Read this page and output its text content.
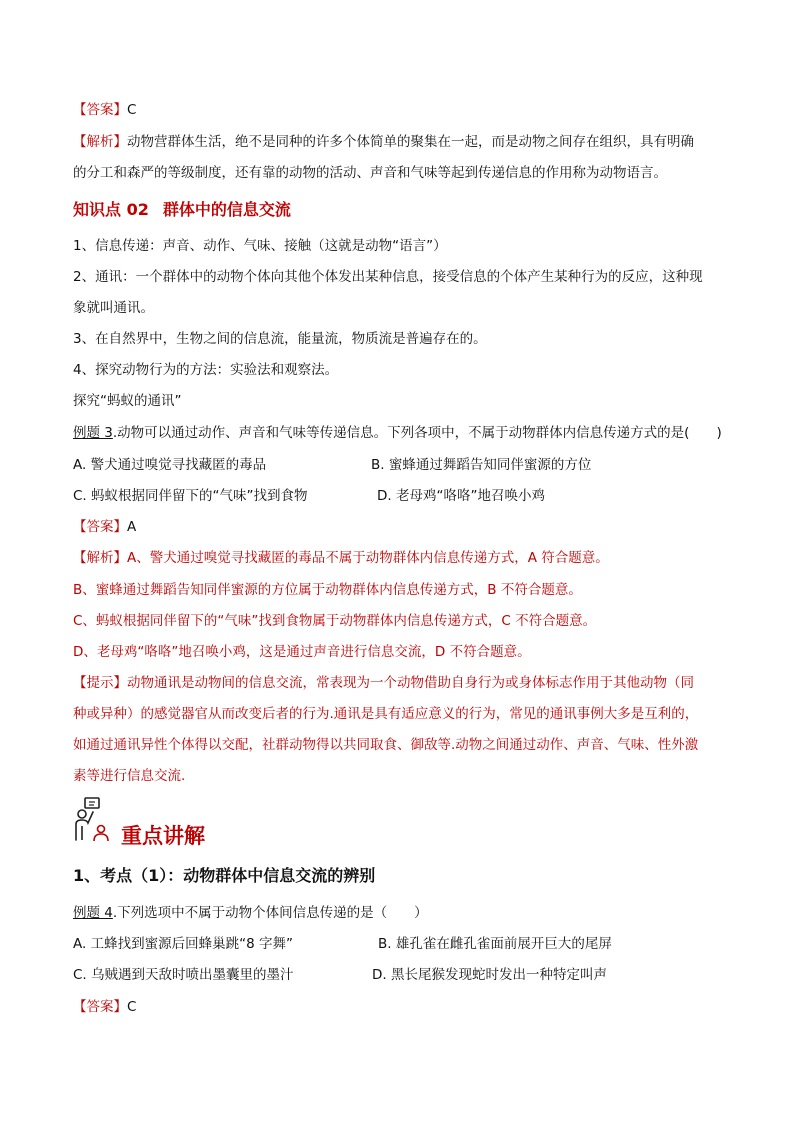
【答案】C
【解析】动物营群体生活，绝不是同种的许多个体简单的聚集在一起，而是动物之间存在组织，具有明确
的分工和森严的等级制度，还有靠的动物的活动、声音和气味等起到传递信息的作用称为动物语言。
知识点 02 群体中的信息交流
1、信息传递：声音、动作、气味、接触（这就是动物“语言”）
2、通讯：一个群体中的动物个体向其他个体发出某种信息，接受信息的个体产生某种行为的反应，这种现
象就叫通讯。
3、在自然界中，生物之间的信息流，能量流，物质流是普遍存在的。
4、探究动物行为的方法：实验法和观察法。
探究“蚂蚁的通讯”
例题 3.动物可以通过动作、声音和气味等传递信息。下列各项中，不属于动物群体内信息传递方式的是(　　)
A. 警犬通过嗅觉寻找藏匿的毒品	B. 蜜蜂通过舞蹈告知同伴蜜源的方位
C. 蚂蚁根据同伴留下的“气味”找到食物	D. 老母鸡“咯咯”地召唤小鸡
【答案】A
【解析】A、警犬通过嗅觉寻找藏匿的毒品不属于动物群体内信息传递方式，A 符合题意。
B、蜜蜂通过舞蹈告知同伴蜜源的方位属于动物群体内信息传递方式，B 不符合题意。
C、蚂蚁根据同伴留下的“气味”找到食物属于动物群体内信息传递方式，C 不符合题意。
D、老母鸡“咯咯”地召唤小鸡，这是通过声音进行信息交流，D 不符合题意。
【提示】动物通讯是动物间的信息交流，常表现为一个动物借助自身行为或身体标志作用于其他动物（同
种或异种）的感觉器官从而改变后者的行为.通讯是具有适应意义的行为，常见的通讯事例大多是互利的，
如通过通讯异性个体得以交配，社群动物得以共同取食、御敌等.动物之间通过动作、声音、气味、性外激
素等进行信息交流.
重点讲解
1、考点（1）：动物群体中信息交流的辨别
例题 4.下列选项中不属于动物个体间信息传递的是（　　）
A. 工蜂找到蜜源后回蜂巢跳“8 字舞”	B. 雄孔雀在雌孔雀面前展开巨大的尾屏
C. 乌贼遇到天敌时喷出墨囊里的墨汁	D. 黑长尾猴发现蛇时发出一种特定叫声
【答案】C
